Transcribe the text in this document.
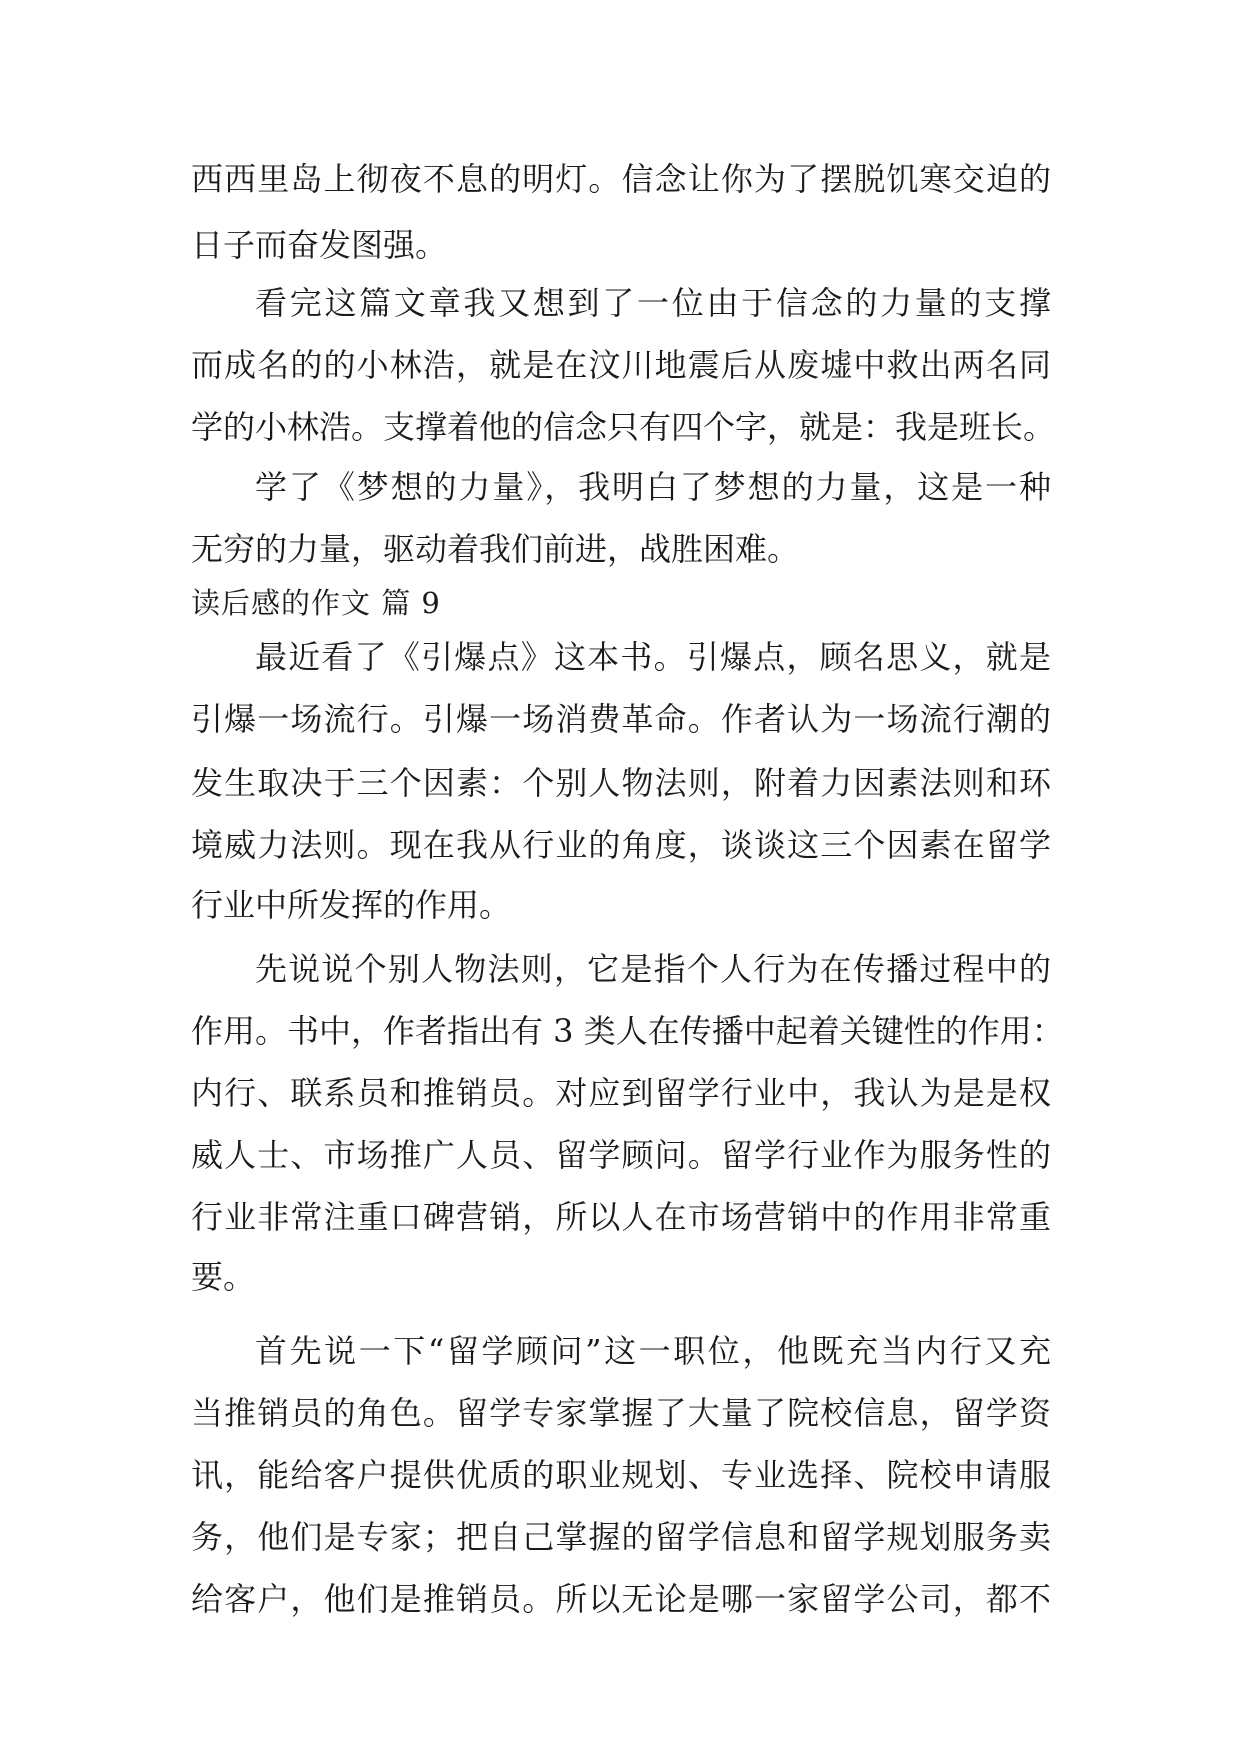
西西里岛上彻夜不息的明灯。信念让你为了摆脱饥寒交迫的
日子而奋发图强。
看完这篇文章我又想到了一位由于信念的力量的支撑
而成名的的小林浩，就是在汶川地震后从废墟中救出两名同
学的小林浩。支撑着他的信念只有四个字，就是：我是班长。
学了《梦想的力量》，我明白了梦想的力量，这是一种
无穷的力量，驱动着我们前进，战胜困难。
读后感的作文 篇 9
最近看了《引爆点》这本书。引爆点，顾名思义，就是
引爆一场流行。引爆一场消费革命。作者认为一场流行潮的
发生取决于三个因素：个别人物法则，附着力因素法则和环
境威力法则。现在我从行业的角度，谈谈这三个因素在留学
行业中所发挥的作用。
先说说个别人物法则，它是指个人行为在传播过程中的
作用。书中，作者指出有 3 类人在传播中起着关键性的作用：
内行、联系员和推销员。对应到留学行业中，我认为是是权
威人士、市场推广人员、留学顾问。留学行业作为服务性的
行业非常注重口碑营销，所以人在市场营销中的作用非常重
要。
首先说一下“留学顾问”这一职位，他既充当内行又充
当推销员的角色。留学专家掌握了大量了院校信息，留学资
讯，能给客户提供优质的职业规划、专业选择、院校申请服
务，他们是专家；把自己掌握的留学信息和留学规划服务卖
给客户，他们是推销员。所以无论是哪一家留学公司，都不
